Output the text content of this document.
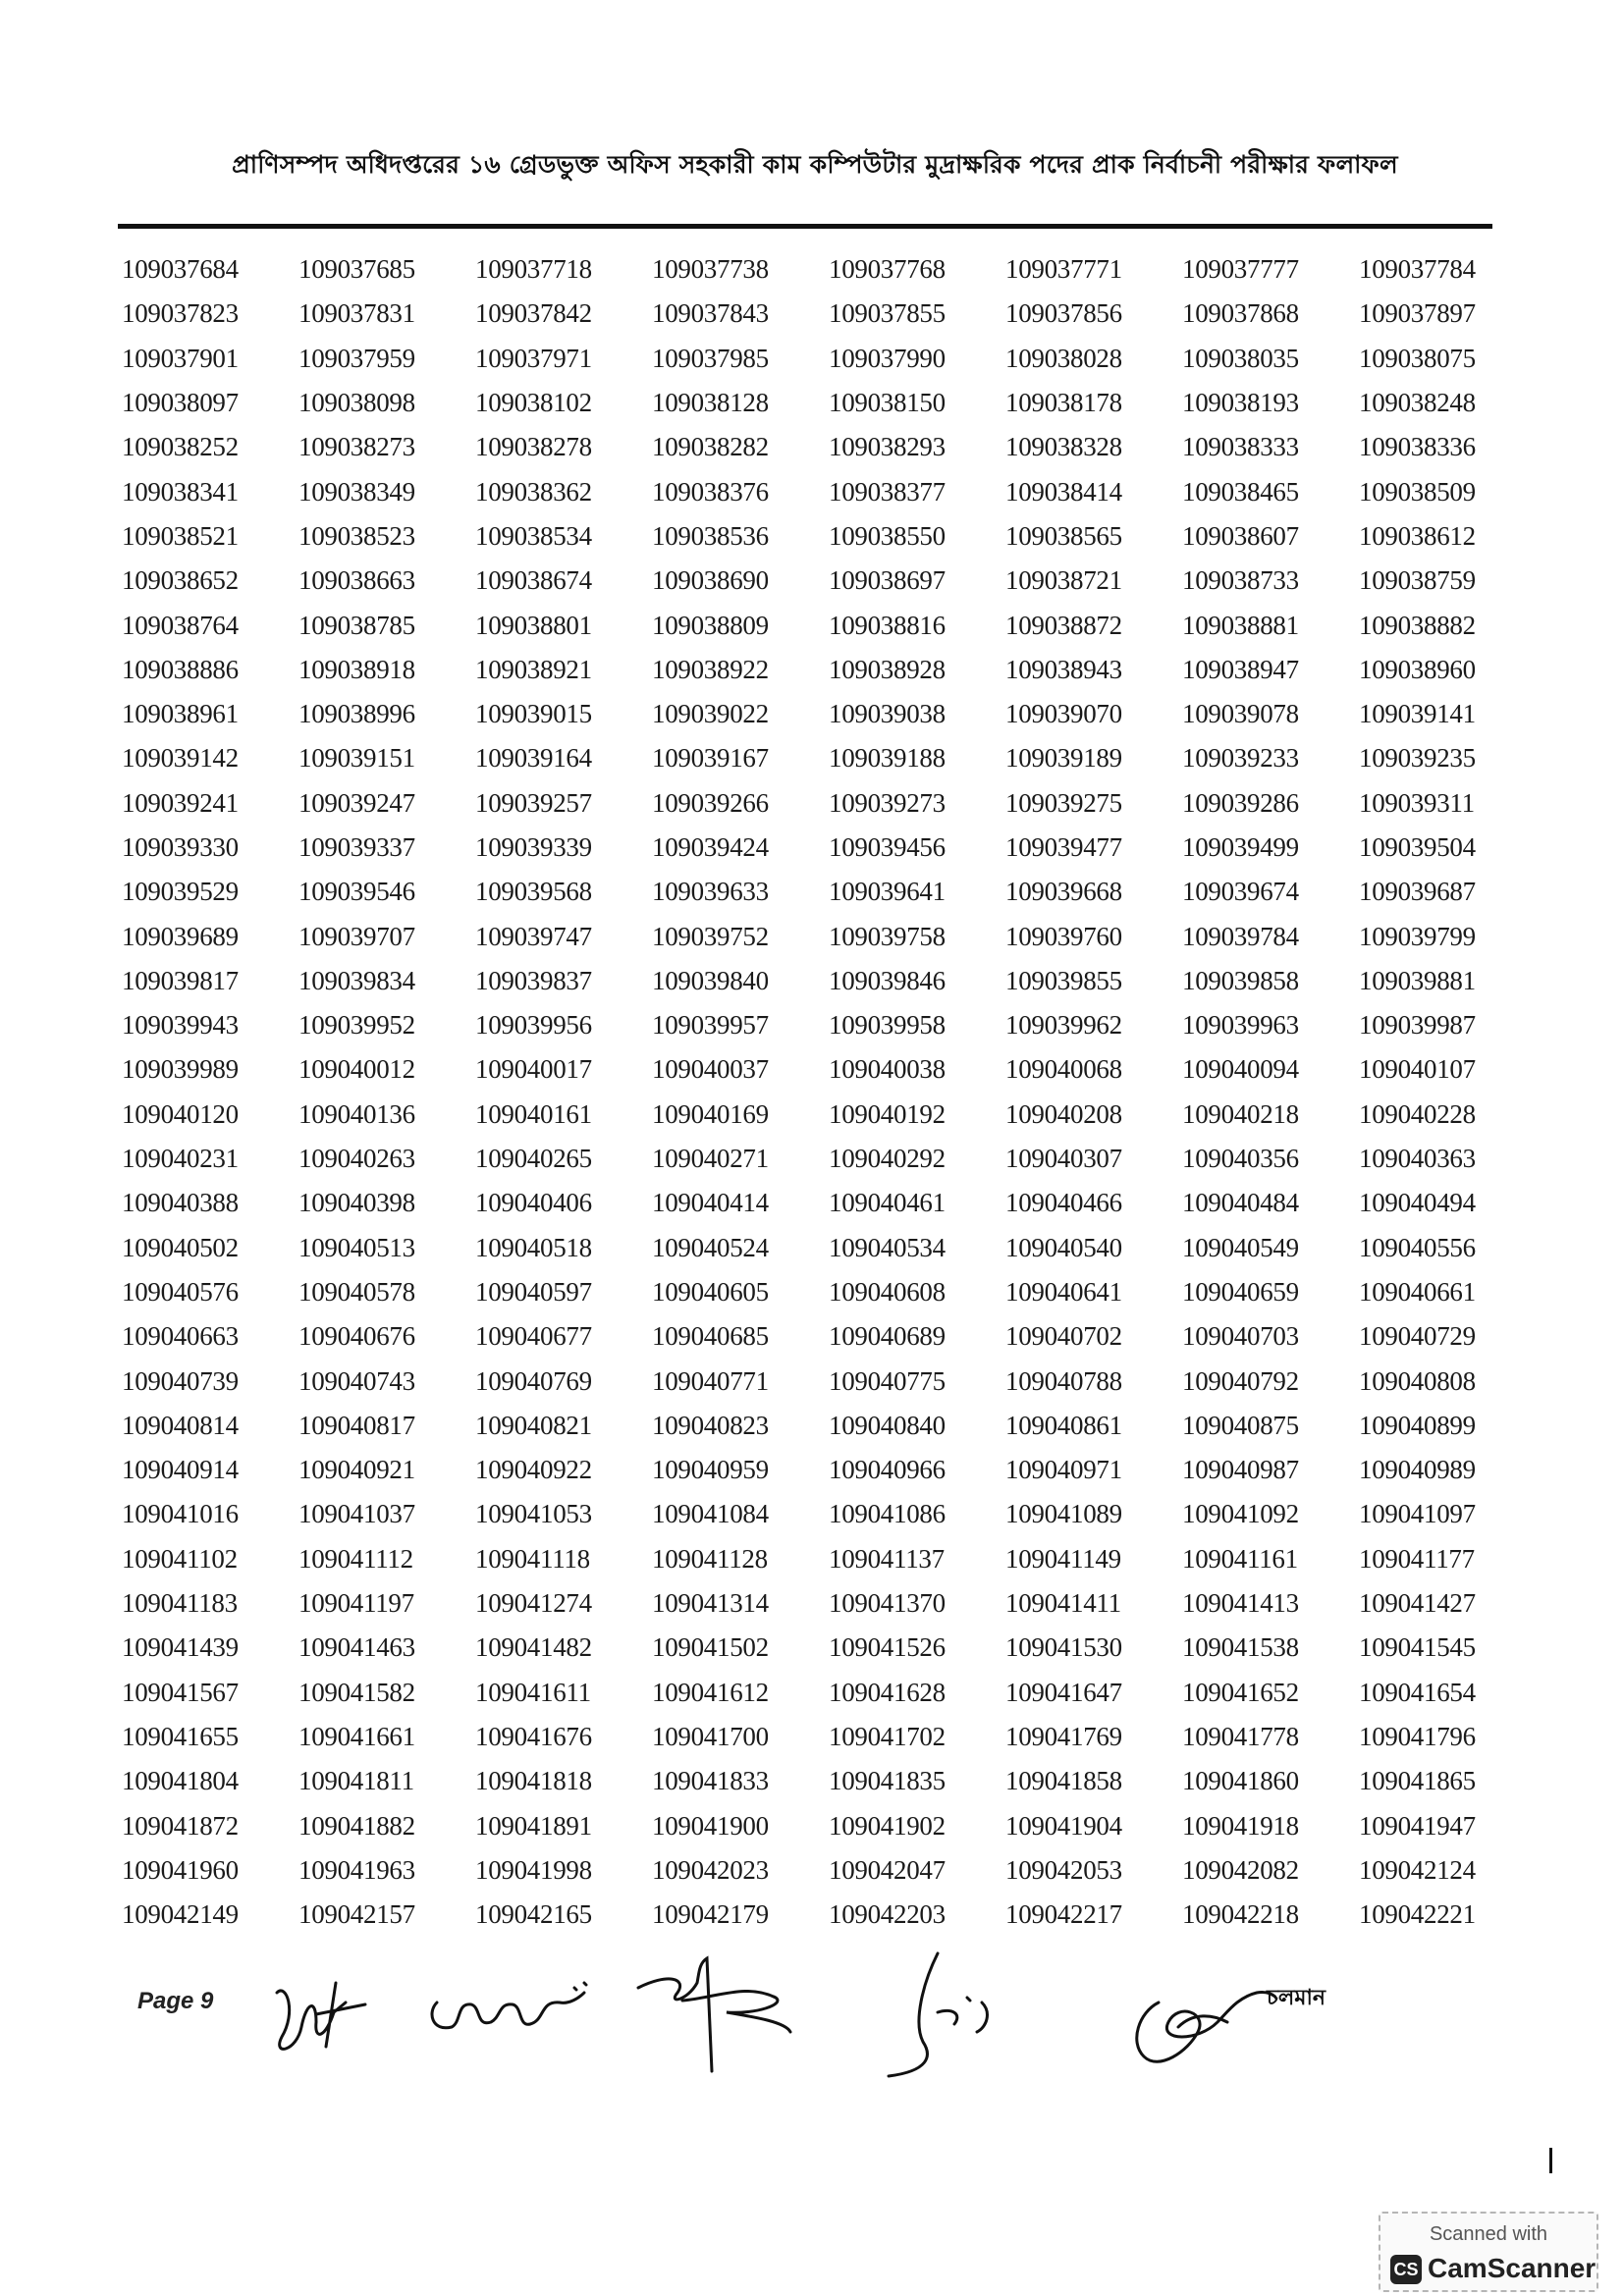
প্রাণিসম্পদ অধিদপ্তরের ১৬ গ্রেডভুক্ত অফিস সহকারী কাম কম্পিউটার মুদ্রাক্ষরিক পদের প্রাক নির্বাচনী পরীক্ষার ফলাফল
109037684	109037685	109037718	109037738	109037768	109037771	109037777	109037784
109037823	109037831	109037842	109037843	109037855	109037856	109037868	109037897
109037901	109037959	109037971	109037985	109037990	109038028	109038035	109038075
109038097	109038098	109038102	109038128	109038150	109038178	109038193	109038248
109038252	109038273	109038278	109038282	109038293	109038328	109038333	109038336
109038341	109038349	109038362	109038376	109038377	109038414	109038465	109038509
109038521	109038523	109038534	109038536	109038550	109038565	109038607	109038612
109038652	109038663	109038674	109038690	109038697	109038721	109038733	109038759
109038764	109038785	109038801	109038809	109038816	109038872	109038881	109038882
109038886	109038918	109038921	109038922	109038928	109038943	109038947	109038960
109038961	109038996	109039015	109039022	109039038	109039070	109039078	109039141
109039142	109039151	109039164	109039167	109039188	109039189	109039233	109039235
109039241	109039247	109039257	109039266	109039273	109039275	109039286	109039311
109039330	109039337	109039339	109039424	109039456	109039477	109039499	109039504
109039529	109039546	109039568	109039633	109039641	109039668	109039674	109039687
109039689	109039707	109039747	109039752	109039758	109039760	109039784	109039799
109039817	109039834	109039837	109039840	109039846	109039855	109039858	109039881
109039943	109039952	109039956	109039957	109039958	109039962	109039963	109039987
109039989	109040012	109040017	109040037	109040038	109040068	109040094	109040107
109040120	109040136	109040161	109040169	109040192	109040208	109040218	109040228
109040231	109040263	109040265	109040271	109040292	109040307	109040356	109040363
109040388	109040398	109040406	109040414	109040461	109040466	109040484	109040494
109040502	109040513	109040518	109040524	109040534	109040540	109040549	109040556
109040576	109040578	109040597	109040605	109040608	109040641	109040659	109040661
109040663	109040676	109040677	109040685	109040689	109040702	109040703	109040729
109040739	109040743	109040769	109040771	109040775	109040788	109040792	109040808
109040814	109040817	109040821	109040823	109040840	109040861	109040875	109040899
109040914	109040921	109040922	109040959	109040966	109040971	109040987	109040989
109041016	109041037	109041053	109041084	109041086	109041089	109041092	109041097
109041102	109041112	109041118	109041128	109041137	109041149	109041161	109041177
109041183	109041197	109041274	109041314	109041370	109041411	109041413	109041427
109041439	109041463	109041482	109041502	109041526	109041530	109041538	109041545
109041567	109041582	109041611	109041612	109041628	109041647	109041652	109041654
109041655	109041661	109041676	109041700	109041702	109041769	109041778	109041796
109041804	109041811	109041818	109041833	109041835	109041858	109041860	109041865
109041872	109041882	109041891	109041900	109041902	109041904	109041918	109041947
109041960	109041963	109041998	109042023	109042047	109042053	109042082	109042124
109042149	109042157	109042165	109042179	109042203	109042217	109042218	109042221
Page 9	চলমান
Scanned with
CS CamScanner
